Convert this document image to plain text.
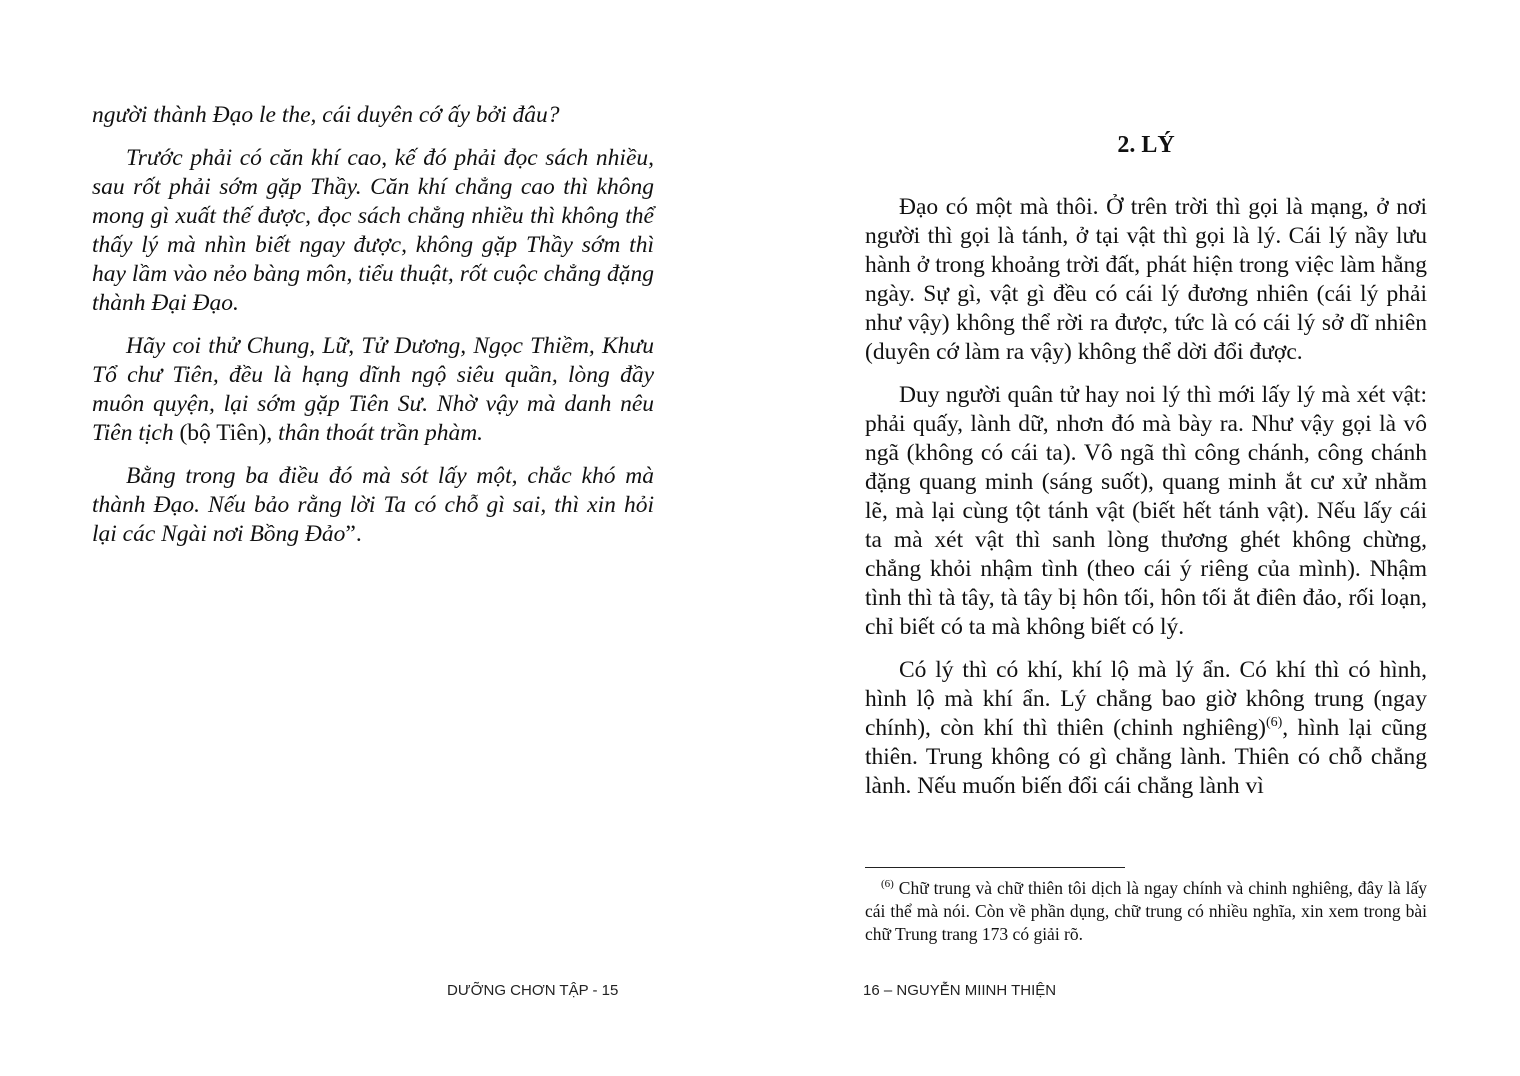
người thành Đạo le the, cái duyên cớ ấy bởi đâu?

Trước phải có căn khí cao, kế đó phải đọc sách nhiều, sau rốt phải sớm gặp Thầy. Căn khí chẳng cao thì không mong gì xuất thế được, đọc sách chẳng nhiều thì không thể thấy lý mà nhìn biết ngay được, không gặp Thầy sớm thì hay lầm vào nẻo bàng môn, tiểu thuật, rốt cuộc chẳng đặng thành Đại Đạo.

Hãy coi thử Chung, Lữ, Tử Dương, Ngọc Thiềm, Khưu Tổ chư Tiên, đều là hạng dĩnh ngộ siêu quần, lòng đầy muôn quyện, lại sớm gặp Tiên Sư. Nhờ vậy mà danh nêu Tiên tịch (bộ Tiên), thân thoát trần phàm.

Bằng trong ba điều đó mà sót lấy một, chắc khó mà thành Đạo. Nếu bảo rằng lời Ta có chỗ gì sai, thì xin hỏi lại các Ngài nơi Bồng Đảo”.

DƯỠNG CHƠN TẬP - 15
2. LÝ

Đạo có một mà thôi. Ở trên trời thì gọi là mạng, ở nơi người thì gọi là tánh, ở tại vật thì gọi là lý. Cái lý nầy lưu hành ở trong khoảng trời đất, phát hiện trong việc làm hằng ngày. Sự gì, vật gì đều có cái lý đương nhiên (cái lý phải như vậy) không thể rời ra được, tức là có cái lý sở dĩ nhiên (duyên cớ làm ra vậy) không thể dời đổi được.

Duy người quân tử hay noi lý thì mới lấy lý mà xét vật: phải quấy, lành dữ, nhơn đó mà bày ra. Như vậy gọi là vô ngã (không có cái ta). Vô ngã thì công chánh, công chánh đặng quang minh (sáng suốt), quang minh ắt cư xử nhằm lẽ, mà lại cùng tột tánh vật (biết hết tánh vật). Nếu lấy cái ta mà xét vật thì sanh lòng thương ghét không chừng, chẳng khỏi nhậm tình (theo cái ý riêng của mình). Nhậm tình thì tà tây, tà tây bị hôn tối, hôn tối ắt điên đảo, rối loạn, chỉ biết có ta mà không biết có lý.

Có lý thì có khí, khí lộ mà lý ẩn. Có khí thì có hình, hình lộ mà khí ẩn. Lý chẳng bao giờ không trung (ngay chính), còn khí thì thiên (chinh nghiêng)$^{(6)}$, hình lại cũng thiên. Trung không có gì chẳng lành. Thiên có chỗ chẳng lành. Nếu muốn biến đổi cái chẳng lành vì

$^{(6)}$ Chữ trung và chữ thiên tôi dịch là ngay chính và chinh nghiêng, đây là lấy cái thể mà nói. Còn về phần dụng, chữ trung có nhiều nghĩa, xin xem trong bài chữ Trung trang 173 có giải rõ.

16 – NGUYỄN MIINH THIỆN
